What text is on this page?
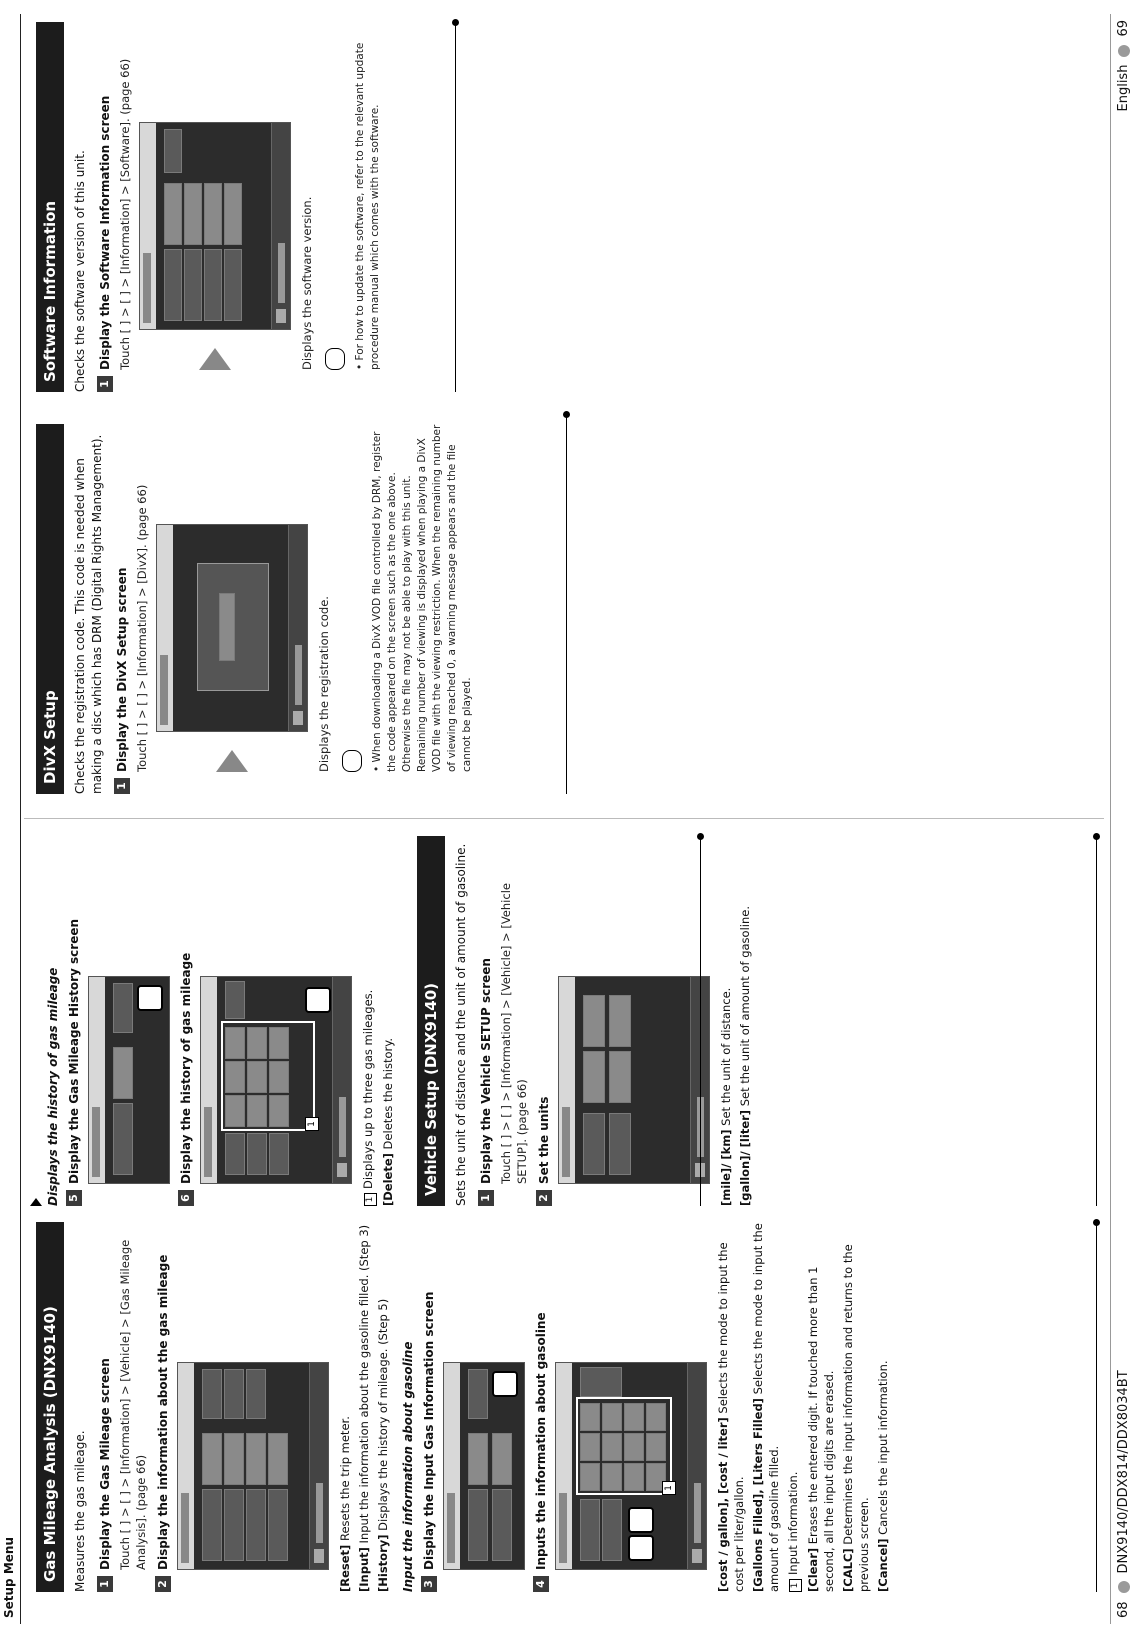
Setup Menu	68
DNX9140/DDX814/DDX8034BT
English
69
Gas Mileage Analysis (DNX9140)	Measures the gas mileage. 1
Display the Gas Mileage screen Touch [ ] > [ ] > [Information] > [Vehicle] > [Gas Mileage Analysis]. (page 66)
2
Display the information about the gas mileage	[Reset] Resets the trip meter.
[Input] Input the information about the gasoline filled. (Step 3)
[History] Displays the history of mileage. (Step 5) Input the information about gasoline 3
Display the Input Gas Information screen
4
Inputs the information about gasoline	1	[cost / gallon], [cost / liter] Selects the mode to input the cost per liter/gallon. [Gallons Filled], [Liters Filled] Selects the mode to input the amount of gasoline filled.	1Input information. [Clear] Erases the entered digit. If touched more than 1 second, all the input digits are erased. [CALC] Determines the input information and returns to the previous screen. [Cancel] Cancels the input information.
Displays the history of gas mileage 5
Display the Gas Mileage History screen
6
Display the history of gas mileage	1
1Displays up to three gas mileages. [Delete] Deletes the history.	Vehicle Setup (DNX9140)	Sets the unit of distance and the unit of amount of gasoline. 1
Display the Vehicle SETUP screen Touch [ ] > [ ] > [Information] > [Vehicle] > [Vehicle SETUP]. (page 66)
2
Set the units	[mile]/ [km] Set the unit of distance.
[gallon]/ [liter] Set the unit of amount of gasoline.
DivX Setup	Checks the registration code. This code is needed when making a disc which has DRM (Digital Rights Management). 1
Display the DivX Setup screen Touch [ ] > [ ] > [Information] > [DivX]. (page 66)	Displays the registration code.	• When downloading a DivX VOD file controlled by DRM, register the code appeared on the screen such as the one above. Otherwise the file may not be able to play with this unit. Remaining number of viewing is displayed when playing a DivX VOD file with the viewing restriction. When the remaining number of viewing reached 0, a warning message appears and the file cannot be played.
Software Information	Checks the software version of this unit. 1
Display the Software Information screen Touch [ ] > [ ] > [Information] > [Software]. (page 66)	Displays the software version.	• For how to update the software, refer to the relevant update procedure manual which comes with the software.
